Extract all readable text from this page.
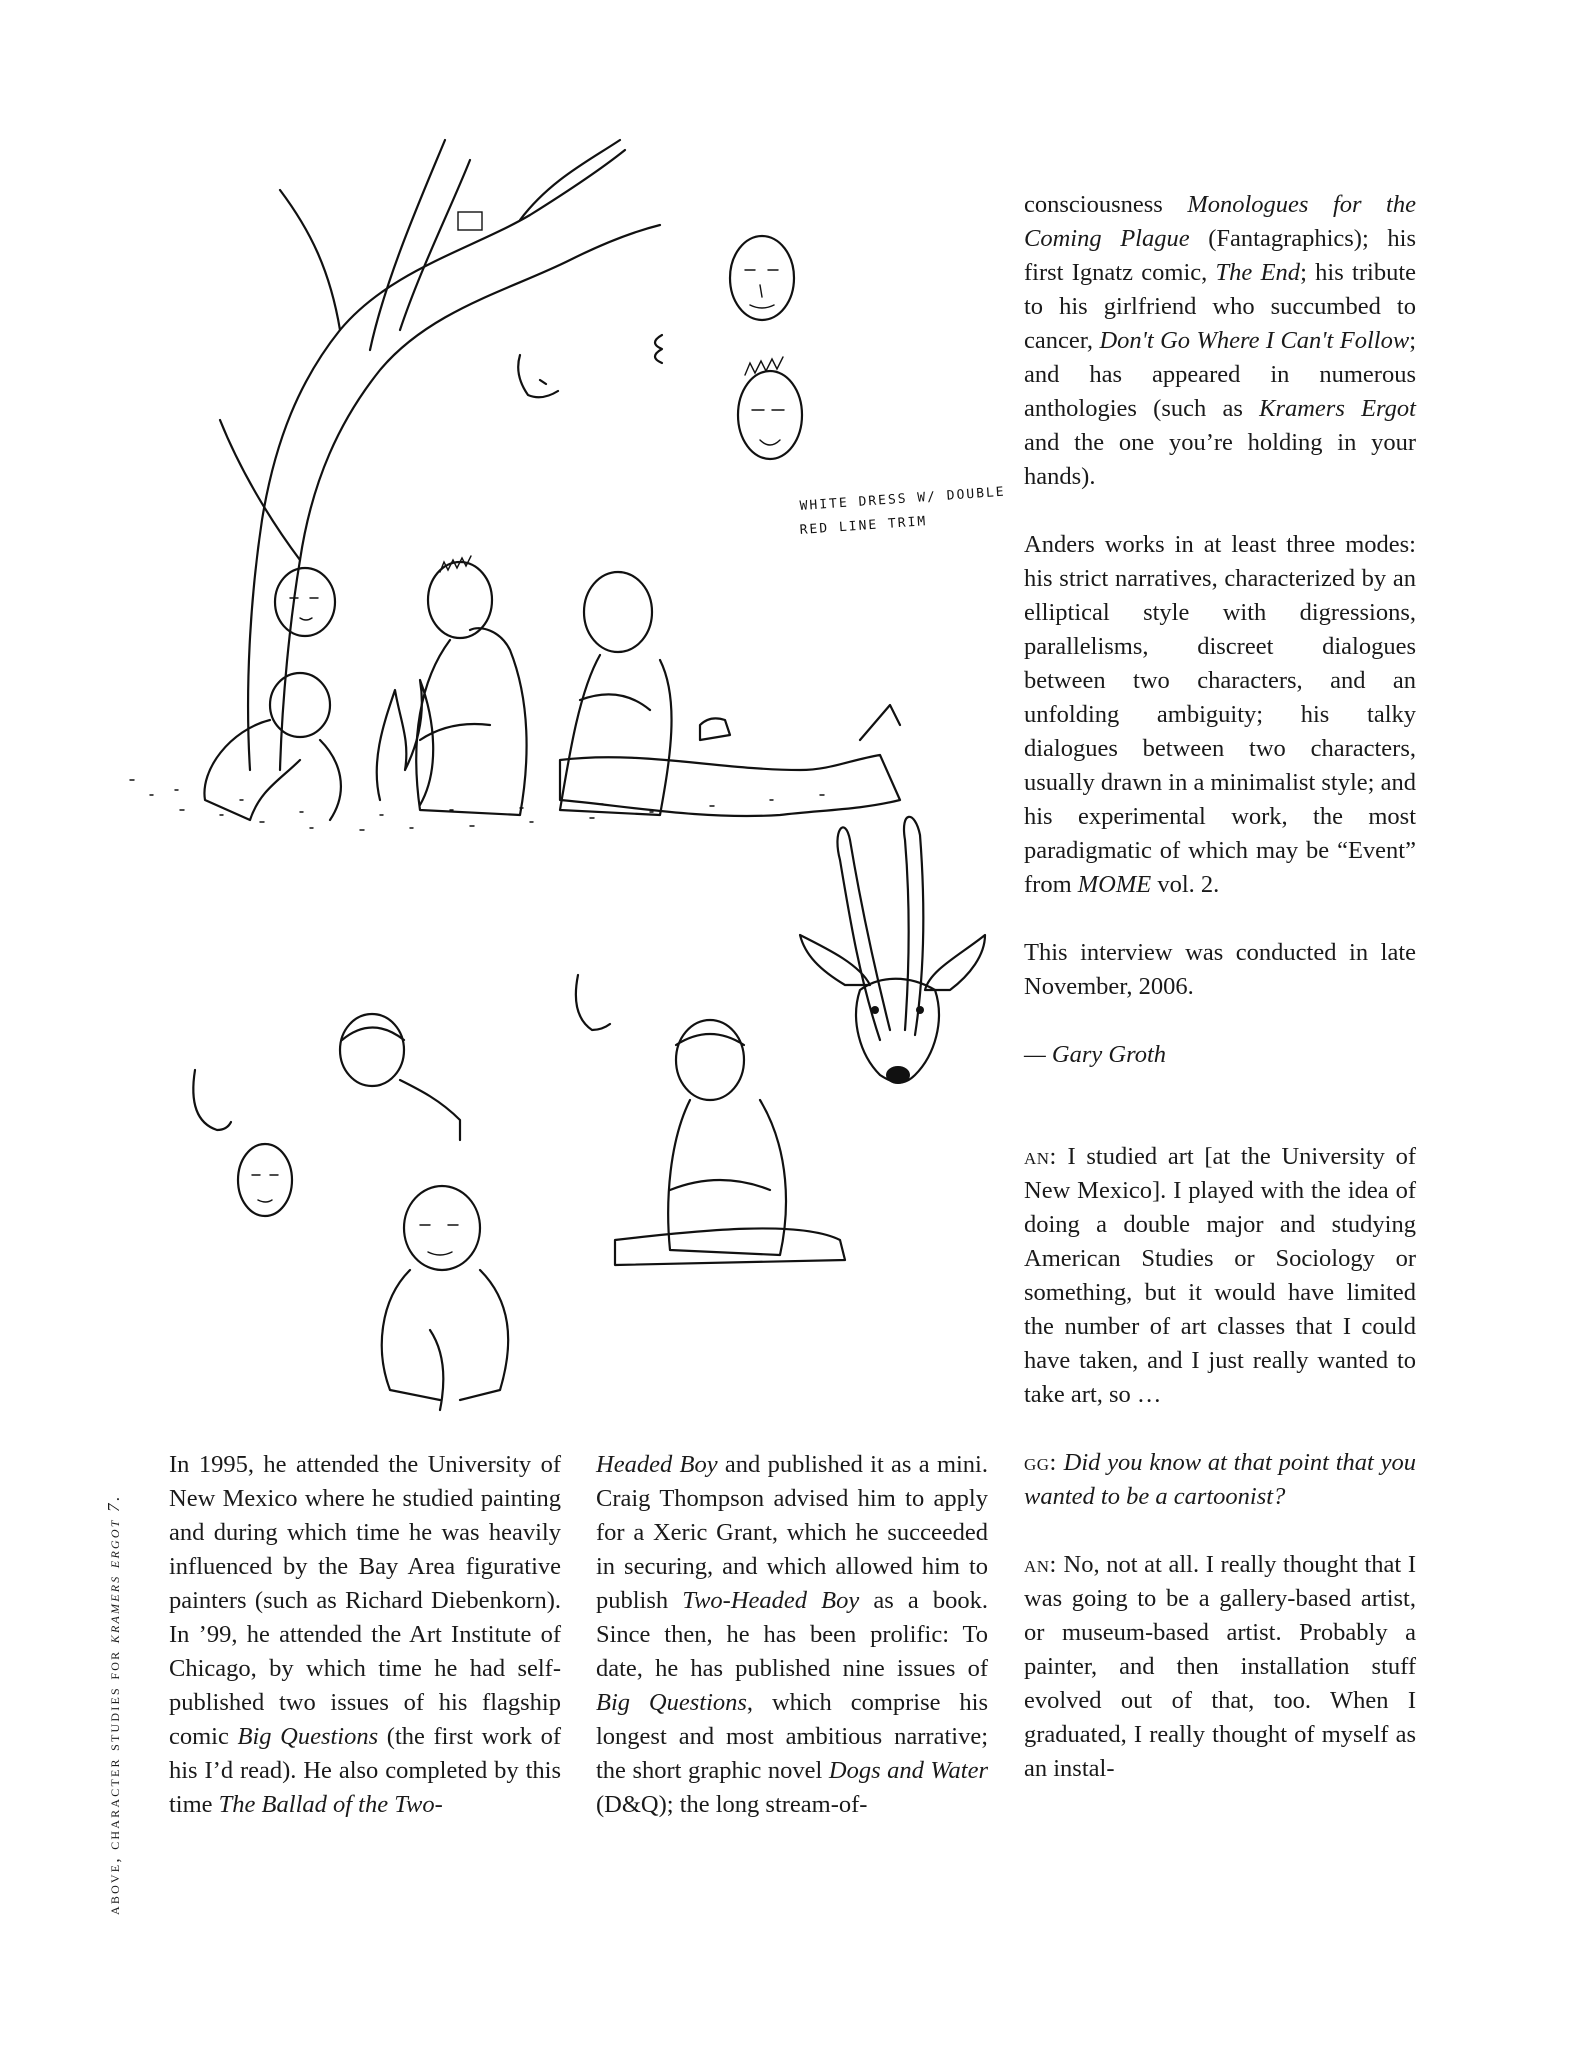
WHITE DRESS W/ DOUBLE
RED LINE TRIM
above, character studies for kramers ergot 7.

In 1995, he attended the University of New Mexico where he studied painting and during which time he was heavily influenced by the Bay Area figurative painters (such as Richard Diebenkorn). In ’99, he attended the Art Institute of Chicago, by which time he had self-published two issues of his flagship comic Big Questions (the first work of his I’d read). He also completed by this time The Ballad of the Two-

Headed Boy and published it as a mini. Craig Thompson advised him to apply for a Xeric Grant, which he succeeded in securing, and which allowed him to publish Two-Headed Boy as a book. Since then, he has been prolific: To date, he has published nine issues of Big Questions, which comprise his longest and most ambitious narrative; the short graphic novel Dogs and Water (D&Q); the long stream-of-

consciousness Monologues for the Coming Plague (Fantagraphics); his first Ignatz comic, The End; his tribute to his girlfriend who succumbed to cancer, Don't Go Where I Can't Follow; and has appeared in numerous anthologies (such as Kramers Ergot and the one you’re holding in your hands).

Anders works in at least three modes: his strict narratives, characterized by an elliptical style with digressions, parallelisms, discreet dialogues between two characters, and an unfolding ambiguity; his talky dialogues between two characters, usually drawn in a minimalist style; and his experimental work, the most paradigmatic of which may be “Event” from MOME vol. 2.

This interview was conducted in late November, 2006.

— Gary Groth

an: I studied art [at the University of New Mexico]. I played with the idea of doing a double major and studying American Studies or Sociology or something, but it would have limited the number of art classes that I could have taken, and I just really wanted to take art, so …

gg: Did you know at that point that you wanted to be a cartoonist?

an: No, not at all. I really thought that I was going to be a gallery-based artist, or museum-based artist. Probably a painter, and then installation stuff evolved out of that, too. When I graduated, I really thought of myself as an instal-
